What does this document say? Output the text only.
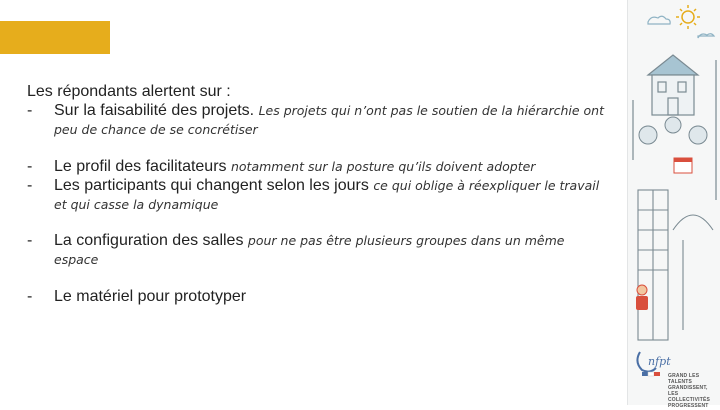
Les répondants alertent sur :

- Sur la faisabilité des projets. Les projets qui n’ont pas le soutien de la hiérarchie ont
peu de chance de se concrétiser
- Le profil des facilitateurs notamment sur la posture qu’ils doivent adopter
- Les participants qui changent selon les jours ce qui oblige à réexpliquer le travail
et qui casse la dynamique
- La configuration des salles pour ne pas être plusieurs groupes dans un même
espace
- Le matériel pour prototyper
nfpt
GRAND LES TALENTS GRANDISSENT, LES COLLECTIVITÉS PROGRESSENT
